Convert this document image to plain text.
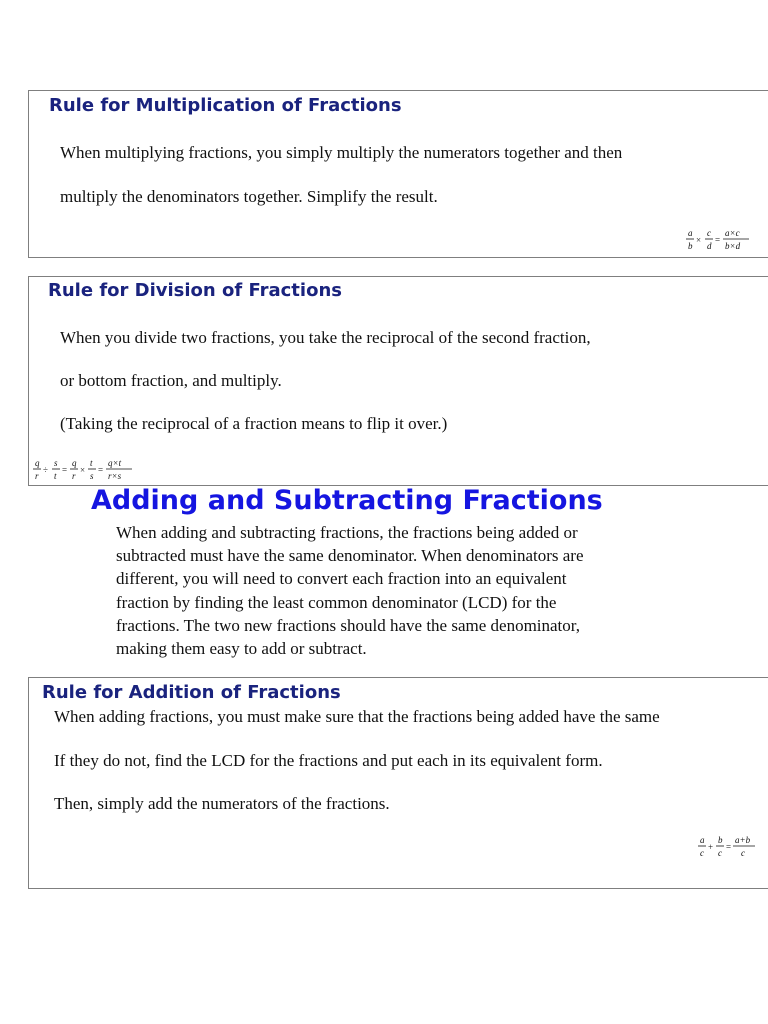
Rule for Multiplication of Fractions
When multiplying fractions, you simply multiply the numerators together and then
multiply the denominators together. Simplify the result.
a
b
×
c
d
=
a×c
b×d
Rule for Division of Fractions
When you divide two fractions, you take the reciprocal of the second fraction,
or bottom fraction, and multiply.
(Taking the reciprocal of a fraction means to flip it over.)
q
r
÷
s
t
=
q
r
×
t
s
=
q×t
r×s
Adding and Subtracting Fractions
When adding and subtracting fractions, the fractions being added or
subtracted must have the same denominator. When denominators are
different, you will need to convert each fraction into an equivalent
fraction by finding the least common denominator (LCD) for the
fractions. The two new fractions should have the same denominator,
making them easy to add or subtract.
Rule for Addition of Fractions
When adding fractions, you must make sure that the fractions being added have the same
If they do not, find the LCD for the fractions and put each in its equivalent form.
Then, simply add the numerators of the fractions.
a
c
+
b
c
=
a+b
c
